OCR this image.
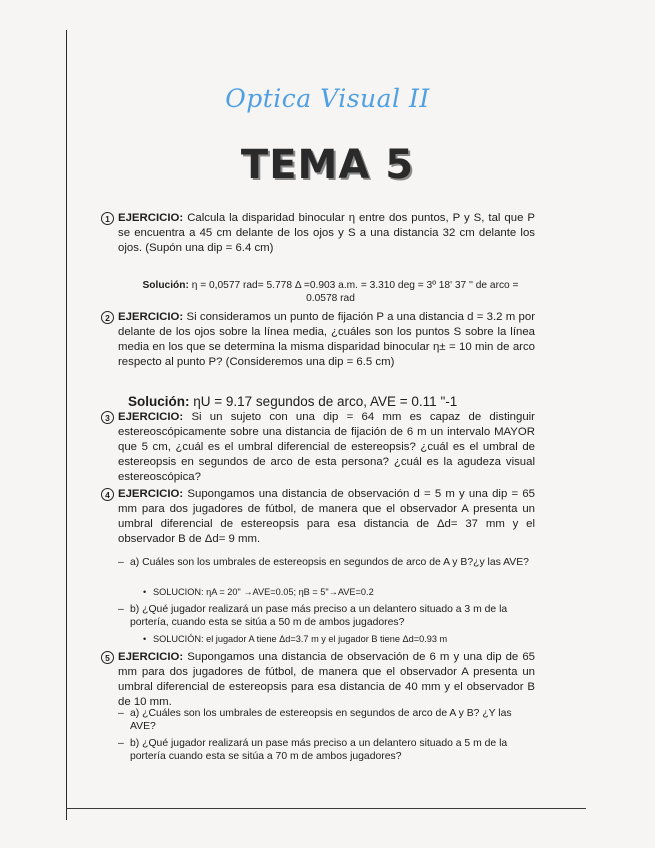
Optica Visual II
TEMA 5
1 EJERCICIO: Calcula la disparidad binocular η entre dos puntos, P y S, tal que P se encuentra a 45 cm delante de los ojos y S a una distancia 32 cm delante los ojos. (Supón una dip = 6.4 cm)
Solución: η = 0,0577 rad= 5.778 Δ =0.903 a.m. = 3.310 deg = 3º 18' 37 '' de arco = 0.0578 rad
2 EJERCICIO: Si consideramos un punto de fijación P a una distancia d = 3.2 m por delante de los ojos sobre la línea media, ¿cuáles son los puntos S sobre la línea media en los que se determina la misma disparidad binocular η± = 10 min de arco respecto al punto P? (Consideremos una dip = 6.5 cm)
Solución: ηU = 9.17 segundos de arco, AVE = 0.11 "-1
3 EJERCICIO: Si un sujeto con una dip = 64 mm es capaz de distinguir estereoscópicamente sobre una distancia de fijación de 6 m un intervalo MAYOR que 5 cm, ¿cuál es el umbral diferencial de estereopsis? ¿cuál es el umbral de estereopsis en segundos de arco de esta persona? ¿cuál es la agudeza visual estereoscópica?
4 EJERCICIO: Supongamos una distancia de observación d = 5 m y una dip = 65 mm para dos jugadores de fútbol, de manera que el observador A presenta un umbral diferencial de estereopsis para esa distancia de Δd= 37 mm y el observador B de Δd= 9 mm.
– a) Cuáles son los umbrales de estereopsis en segundos de arco de A y B?¿y las AVE?
• SOLUCION: ηA = 20" →AVE=0.05; ηB = 5"→AVE=0.2
– b) ¿Qué jugador realizará un pase más preciso a un delantero situado a 3 m de la portería, cuando esta se sitúa a 50 m de ambos jugadores?
• SOLUCIÓN: el jugador A tiene Δd=3.7 m y el jugador B tiene Δd=0.93 m
5 EJERCICIO: Supongamos una distancia de observación de 6 m y una dip de 65 mm para dos jugadores de fútbol, de manera que el observador A presenta un umbral diferencial de estereopsis para esa distancia de 40 mm y el observador B de 10 mm.
– a) ¿Cuáles son los umbrales de estereopsis en segundos de arco de A y B? ¿Y las AVE?
– b) ¿Qué jugador realizará un pase más preciso a un delantero situado a 5 m de la portería cuando esta se sitúa a 70 m de ambos jugadores?
